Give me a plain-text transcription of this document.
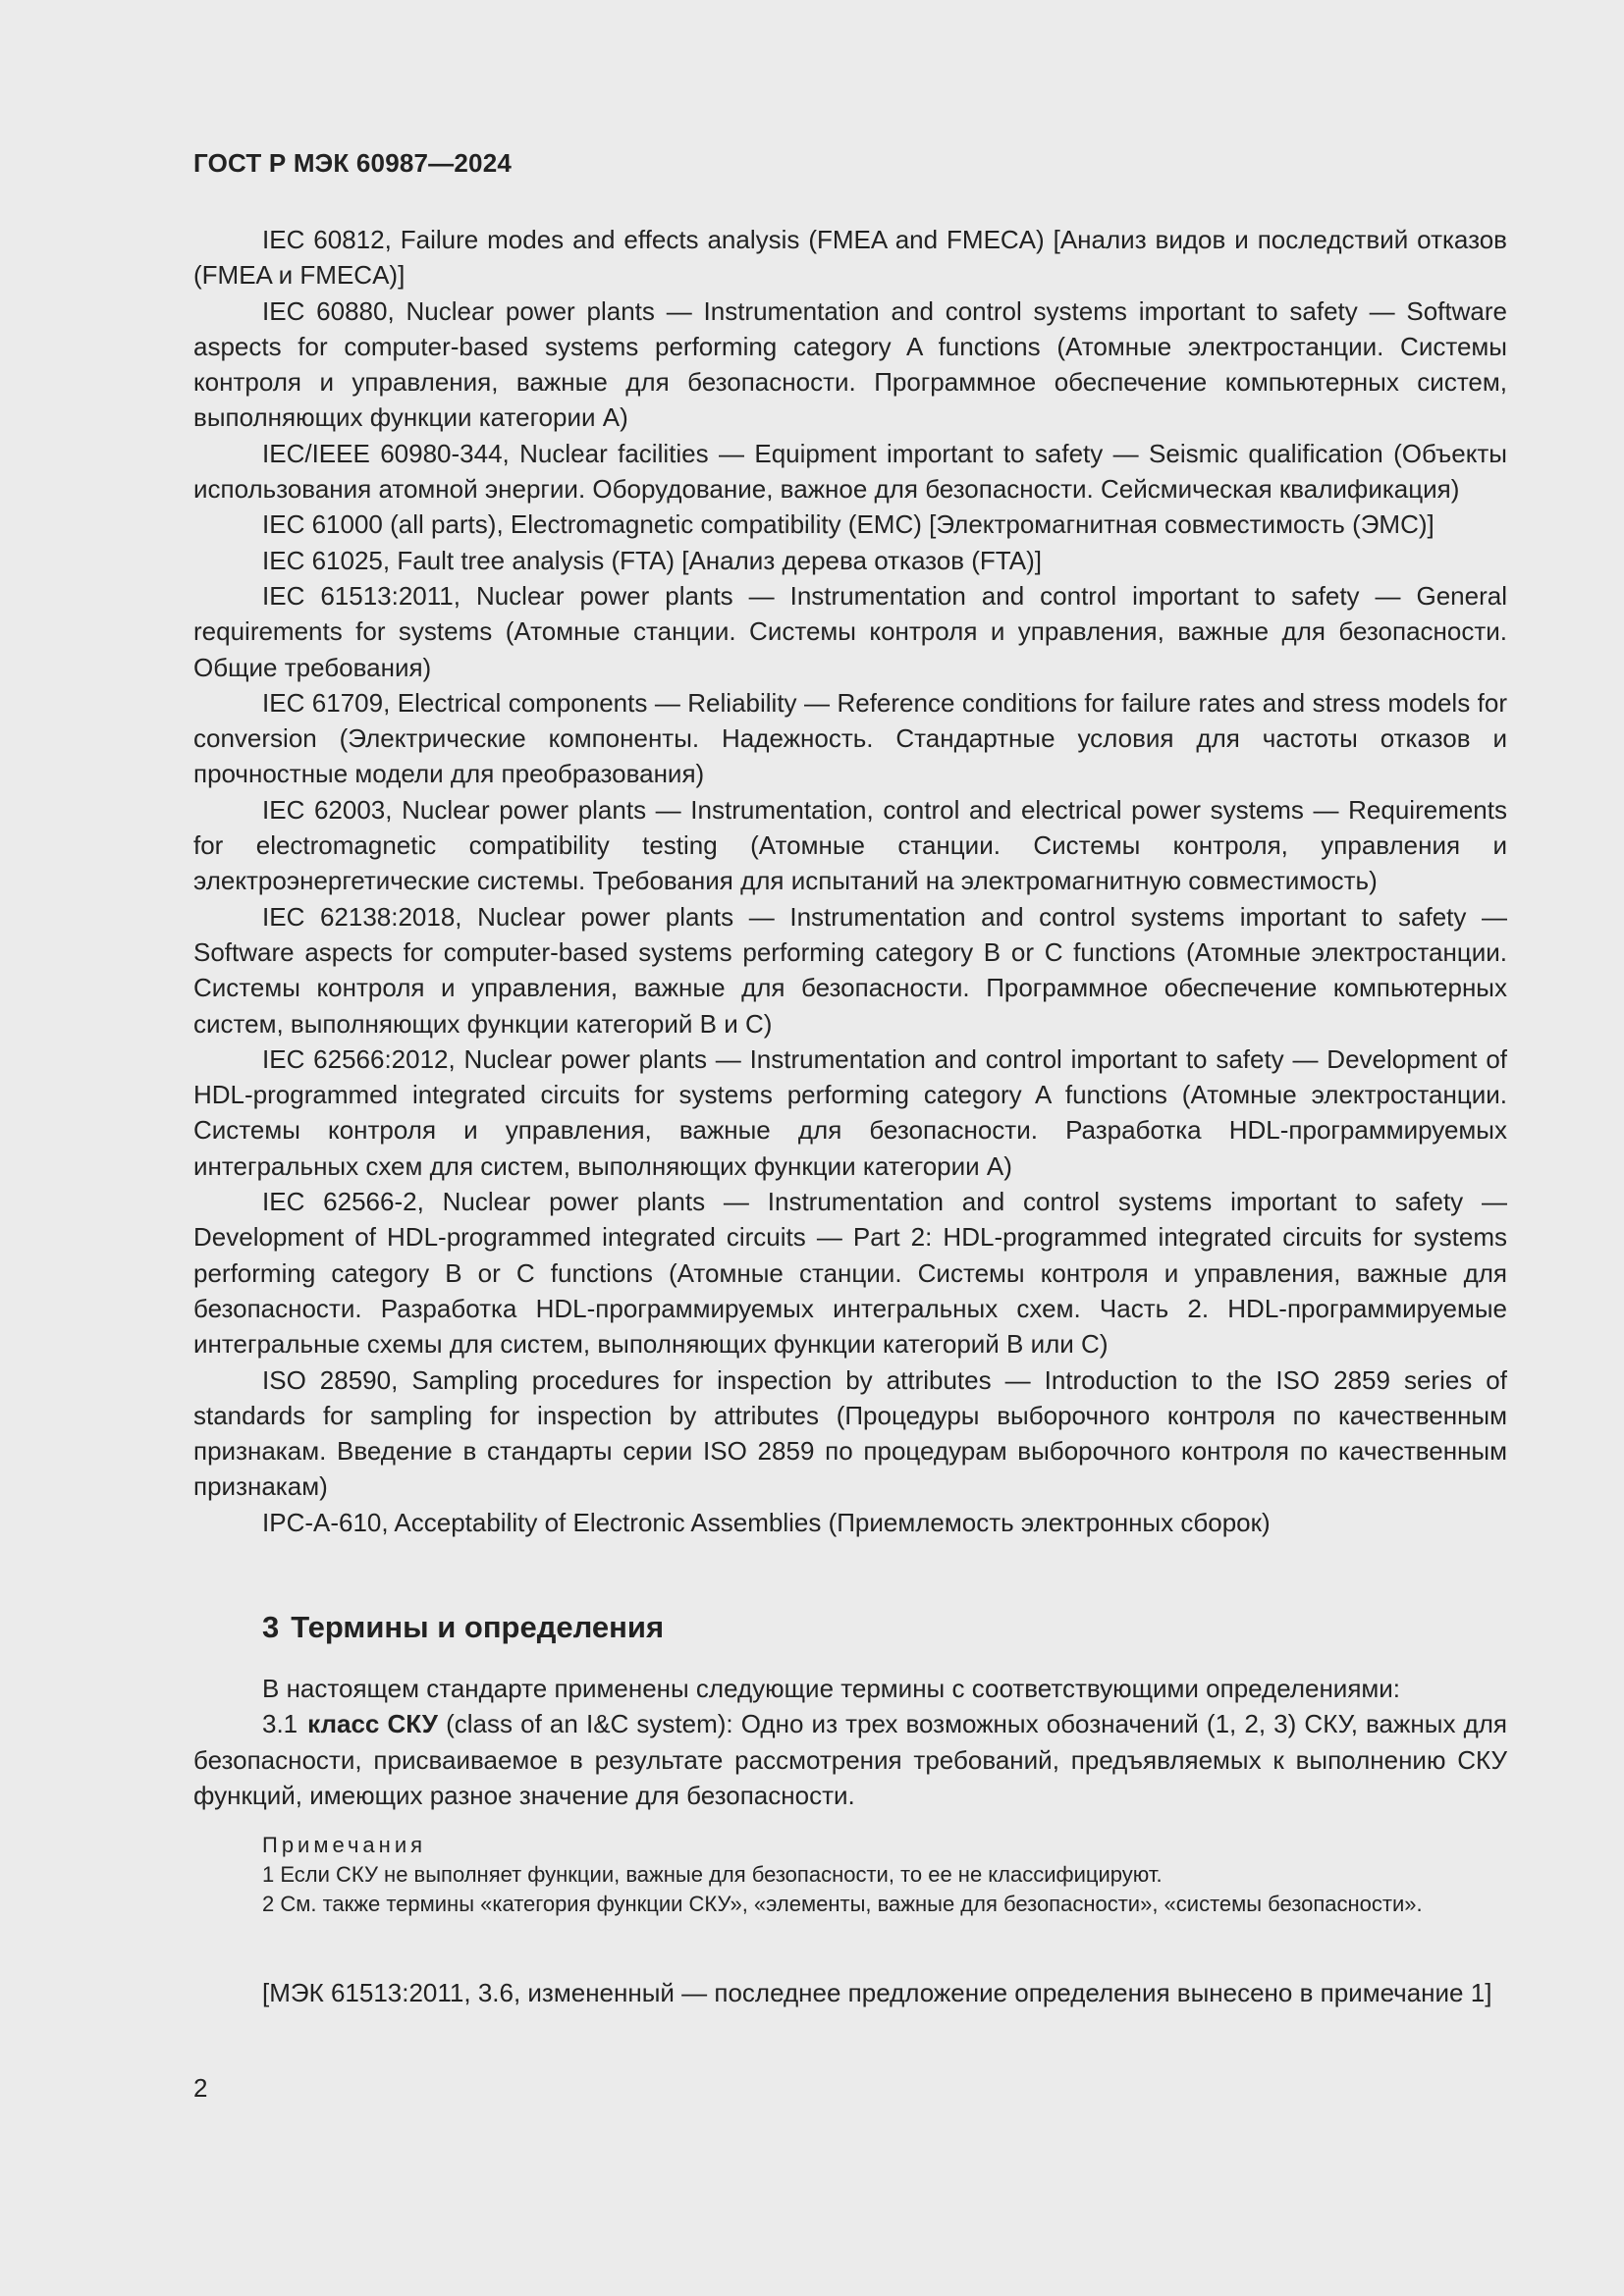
ГОСТ Р МЭК 60987—2024

IEC 60812, Failure modes and effects analysis (FMEA and FMECA) [Анализ видов и последствий отказов (FMEA и FMECA)]

IEC 60880, Nuclear power plants — Instrumentation and control systems important to safety — Software aspects for computer-based systems performing category A functions (Атомные электростанции. Системы контроля и управления, важные для безопасности. Программное обеспечение компьютерных систем, выполняющих функции категории А)

IEC/IEEE 60980-344, Nuclear facilities — Equipment important to safety — Seismic qualification (Объекты использования атомной энергии. Оборудование, важное для безопасности. Сейсмическая квалификация)

IEC 61000 (all parts), Electromagnetic compatibility (EMC) [Электромагнитная совместимость (ЭМС)]

IEC 61025, Fault tree analysis (FTA) [Анализ дерева отказов (FTA)]

IEC 61513:2011, Nuclear power plants — Instrumentation and control important to safety — General requirements for systems (Атомные станции. Системы контроля и управления, важные для безопасности. Общие требования)

IEC 61709, Electrical components — Reliability — Reference conditions for failure rates and stress models for conversion (Электрические компоненты. Надежность. Стандартные условия для частоты отказов и прочностные модели для преобразования)

IEC 62003, Nuclear power plants — Instrumentation, control and electrical power systems — Requirements for electromagnetic compatibility testing (Атомные станции. Системы контроля, управления и электроэнергетические системы. Требования для испытаний на электромагнитную совместимость)

IEC 62138:2018, Nuclear power plants — Instrumentation and control systems important to safety — Software aspects for computer-based systems performing category B or C functions (Атомные электростанции. Системы контроля и управления, важные для безопасности. Программное обеспечение компьютерных систем, выполняющих функции категорий В и С)

IEC 62566:2012, Nuclear power plants — Instrumentation and control important to safety — Development of HDL-programmed integrated circuits for systems performing category A functions (Атомные электростанции. Системы контроля и управления, важные для безопасности. Разработка HDL-программируемых интегральных схем для систем, выполняющих функции категории А)

IEC 62566-2, Nuclear power plants — Instrumentation and control systems important to safety — Development of HDL-programmed integrated circuits — Part 2: HDL-programmed integrated circuits for systems performing category B or C functions (Атомные станции. Системы контроля и управления, важные для безопасности. Разработка HDL-программируемых интегральных схем. Часть 2. HDL-программируемые интегральные схемы для систем, выполняющих функции категорий В или С)

ISO 28590, Sampling procedures for inspection by attributes — Introduction to the ISO 2859 series of standards for sampling for inspection by attributes (Процедуры выборочного контроля по качественным признакам. Введение в стандарты серии ISO 2859 по процедурам выборочного контроля по качественным признакам)

IPC-A-610, Acceptability of Electronic Assemblies (Приемлемость электронных сборок)

3 Термины и определения

В настоящем стандарте применены следующие термины с соответствующими определениями:

3.1 класс СКУ (class of an I&C system): Одно из трех возможных обозначений (1, 2, 3) СКУ, важных для безопасности, присваиваемое в результате рассмотрения требований, предъявляемых к выполнению СКУ функций, имеющих разное значение для безопасности.

Примечания

1 Если СКУ не выполняет функции, важные для безопасности, то ее не классифицируют.

2 См. также термины «категория функции СКУ», «элементы, важные для безопасности», «системы безопасности».

[МЭК 61513:2011, 3.6, измененный — последнее предложение определения вынесено в примечание 1]

2
